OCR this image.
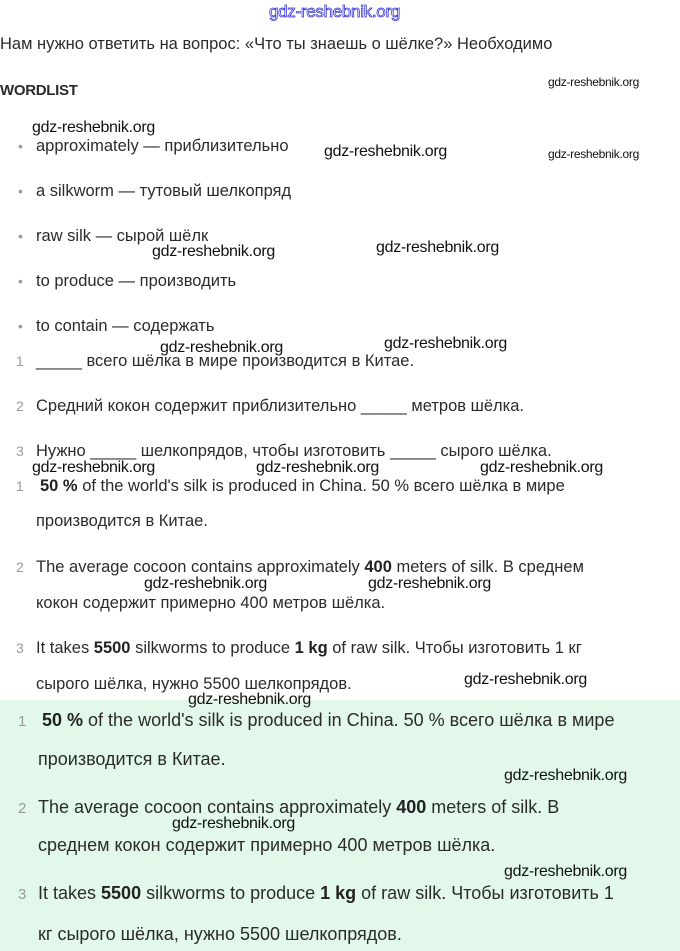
gdz-reshebnik.org
Нам нужно ответить на вопрос: «Что ты знаешь о шёлке?» Необходимо
WORDLIST
• approximately — приблизительно
• a silkworm — тутовый шелкопряд
• raw silk — сырой шёлк
• to produce — производить
• to contain — содержать
1 _____ всего шёлка в мире производится в Китае.
2 Средний кокон содержит приблизительно _____ метров шёлка.
3 Нужно _____ шелкопрядов, чтобы изготовить _____ сырого шёлка.
1 50 % of the world's silk is produced in China. 50 % всего шёлка в мире
производится в Китае.
2 The average cocoon contains approximately 400 meters of silk. В среднем
кокон содержит примерно 400 метров шёлка.
3 It takes 5500 silkworms to produce 1 kg of raw silk. Чтобы изготовить 1 кг
сырого шёлка, нужно 5500 шелкопрядов.
1 50 % of the world's silk is produced in China. 50 % всего шёлка в мире
производится в Китае.
2 The average cocoon contains approximately 400 meters of silk. В
среднем кокон содержит примерно 400 метров шёлка.
3 It takes 5500 silkworms to produce 1 kg of raw silk. Чтобы изготовить 1
кг сырого шёлка, нужно 5500 шелкопрядов.
gdz-reshebnik.org
gdz-reshebnik.org
gdz-reshebnik.org	gdz-reshebnik.org
gdz-reshebnik.org
gdz-reshebnik.org
gdz-reshebnik.org
gdz-reshebnik.org
gdz-reshebnik.org	gdz-reshebnik.org	gdz-reshebnik.org
gdz-reshebnik.org	gdz-reshebnik.org
gdz-reshebnik.org
gdz-reshebnik.org
gdz-reshebnik.org
gdz-reshebnik.org
gdz-reshebnik.org
